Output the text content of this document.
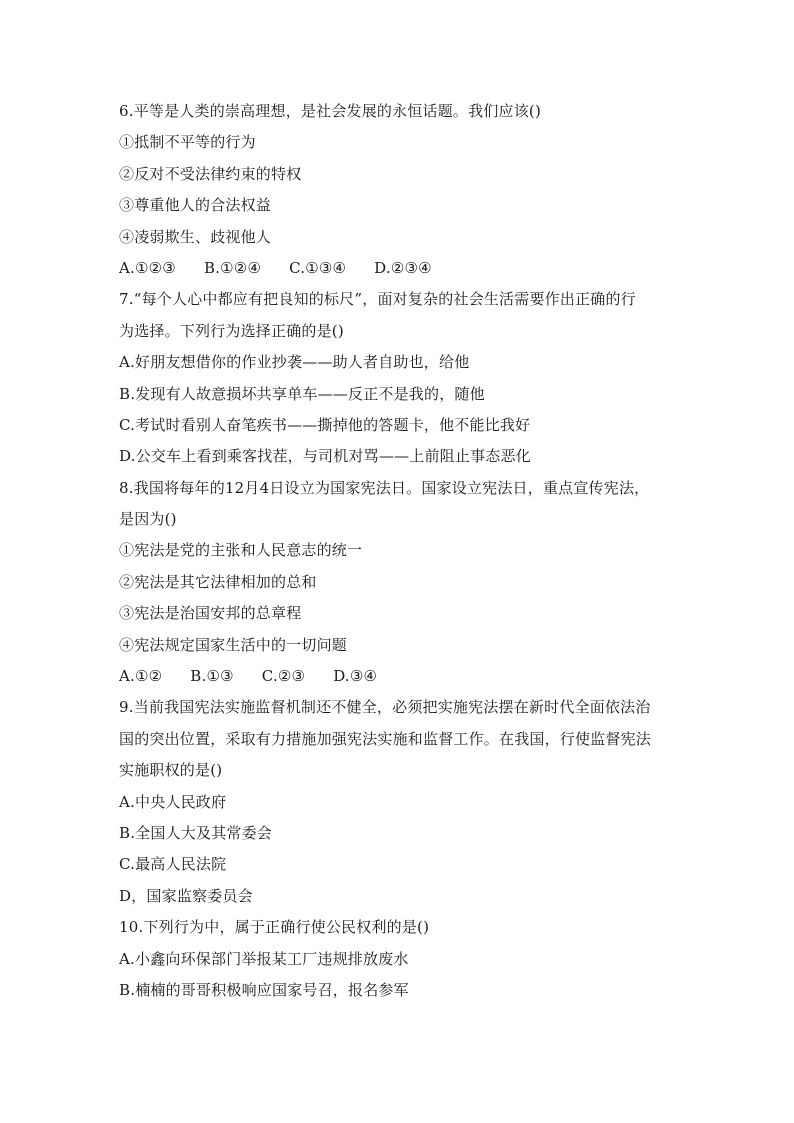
6.平等是人类的崇高理想，是社会发展的永恒话题。我们应该()
①抵制不平等的行为
②反对不受法律约束的特权
③尊重他人的合法权益
④凌弱欺生、歧视他人
A.①②③ B.①②④ C.①③④ D.②③④
7.“每个人心中都应有把良知的标尺”，面对复杂的社会生活需要作出正确的行
为选择。下列行为选择正确的是()
A.好朋友想借你的作业抄袭——助人者自助也，给他
B.发现有人故意损坏共享单车——反正不是我的，随他
C.考试时看别人奋笔疾书——撕掉他的答题卡，他不能比我好
D.公交车上看到乘客找茬，与司机对骂——上前阻止事态恶化
8.我国将每年的12月4日设立为国家宪法日。国家设立宪法日，重点宣传宪法，
是因为()
①宪法是党的主张和人民意志的统一
②宪法是其它法律相加的总和
③宪法是治国安邦的总章程
④宪法规定国家生活中的一切问题
A.①② B.①③ C.②③ D.③④
9.当前我国宪法实施监督机制还不健全，必须把实施宪法摆在新时代全面依法治
国的突出位置，采取有力措施加强宪法实施和监督工作。在我国，行使监督宪法
实施职权的是()
A.中央人民政府
B.全国人大及其常委会
C.最高人民法院
D，国家监察委员会
10.下列行为中，属于正确行使公民权利的是()
A.小鑫向环保部门举报某工厂违规排放废水
B.楠楠的哥哥积极响应国家号召，报名参军
